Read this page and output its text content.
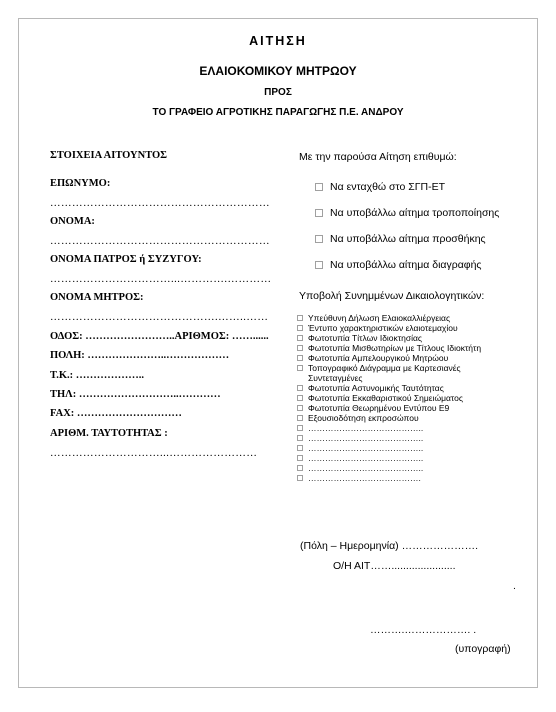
ΑΙΤΗΣΗ
ΕΛΑΙΟΚΟΜΙΚΟΥ ΜΗΤΡΩΟΥ
ΠΡΟΣ
ΤΟ ΓΡΑΦΕΙΟ ΑΓΡΟΤΙΚΗΣ ΠΑΡΑΓΩΓΗΣ Π.Ε. ΑΝΔΡΟΥ
ΣΤΟΙΧΕΙΑ ΑΙΤΟΥΝΤΟΣ
ΕΠΩΝΥΜΟ:
……………………………………………………
ΟΝΟΜΑ:
……………………………………………………
ΟΝΟΜΑ ΠΑΤΡΟΣ ή ΣΥΖΥΓΟΥ:
……………………………...………….…………
ΟΝΟΜΑ ΜΗΤΡΟΣ:
……………………………………….……..……
ΟΔΟΣ: ……………………..ΑΡΙΘΜΟΣ: ……......
ΠΟΛΗ: …………………..………………
Τ.Κ.: ………………..
ΤΗΛ: ………………………..…………
FAX: …………………………
ΑΡΙΘΜ. ΤΑΥΤΟΤΗΤΑΣ :
…………………………...……………………
Με την παρούσα Αίτηση επιθυμώ:
Να ενταχθώ στο ΣΓΠ-ΕΤ
Να υποβάλλω αίτημα τροποποίησης
Να υποβάλλω αίτημα προσθήκης
Να υποβάλλω αίτημα διαγραφής
Υποβολή Συνημμένων Δικαιολογητικών:
Υπεύθυνη Δήλωση Ελαιοκαλλιέργειας
Έντυπο χαρακτηριστικών ελαιοτεμαχίου
Φωτοτυπία Τίτλων Ιδιοκτησίας
Φωτοτυπία Μισθωτηρίων με Τίτλους Ιδιοκτήτη
Φωτοτυπία Αμπελουργικού Μητρώου
Τοπογραφικό Διάγραμμα με Καρτεσιανές
Συντεταγμένες
Φωτοτυπία Αστυνομικής Ταυτότητας
Φωτοτυπία Εκκαθαριστικού Σημειώματος
Φωτοτυπία Θεωρημένου Εντύπου Ε9
Εξουσιοδότηση εκπροσώπου
…………………………………..
…………………………………..
…………………………………..
…………………………………..
…………………………………..
………………………………….
(Πόλη – Ημερομηνία) ………………….
Ο/Η ΑΙΤ……......................
.
……….………………. .
(υπογραφή)
